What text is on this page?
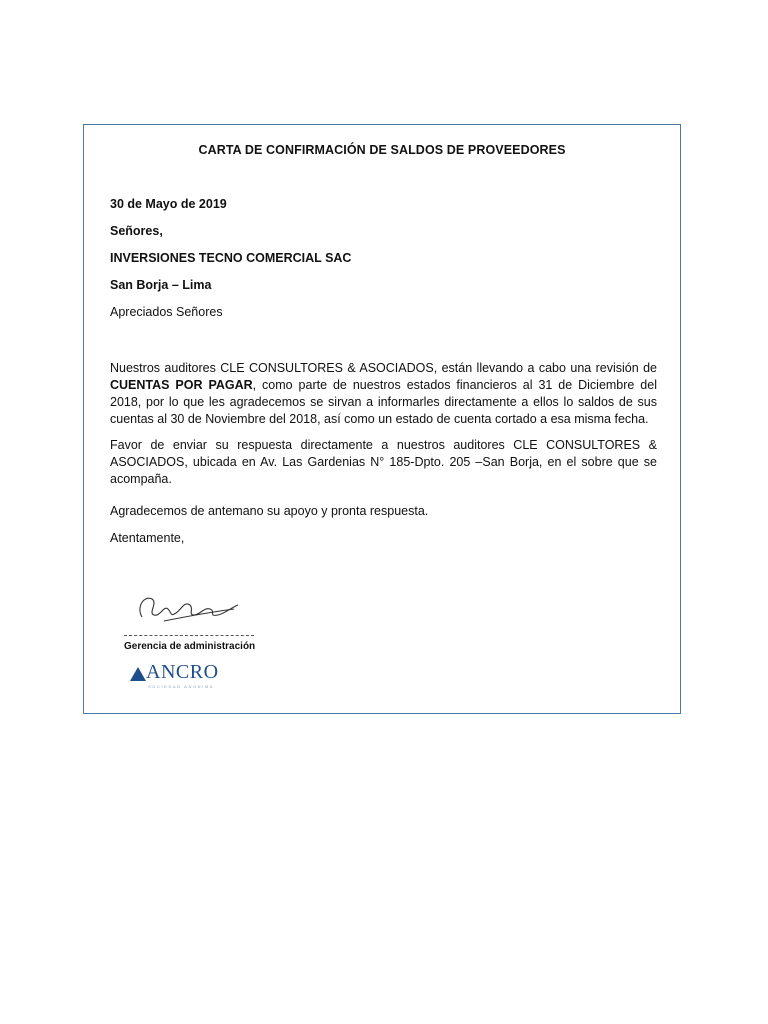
CARTA DE CONFIRMACIÓN DE SALDOS DE PROVEEDORES
30 de Mayo de 2019
Señores,
INVERSIONES TECNO COMERCIAL SAC
San Borja – Lima
Apreciados Señores
Nuestros auditores CLE CONSULTORES & ASOCIADOS, están llevando a cabo una revisión de CUENTAS POR PAGAR, como parte de nuestros estados financieros al 31 de Diciembre del 2018, por lo que les agradecemos se sirvan a informarles directamente a ellos lo saldos de sus cuentas al 30 de Noviembre del 2018, así como un estado de cuenta cortado a esa misma fecha.
Favor de enviar su respuesta directamente a nuestros auditores CLE CONSULTORES & ASOCIADOS, ubicada en Av. Las Gardenias N° 185-Dpto. 205 –San Borja, en el sobre que se acompaña.
Agradecemos de antemano su apoyo y pronta respuesta.
Atentamente,
Gerencia de administración
ANCRO
SOCIEDAD ANONIMA
